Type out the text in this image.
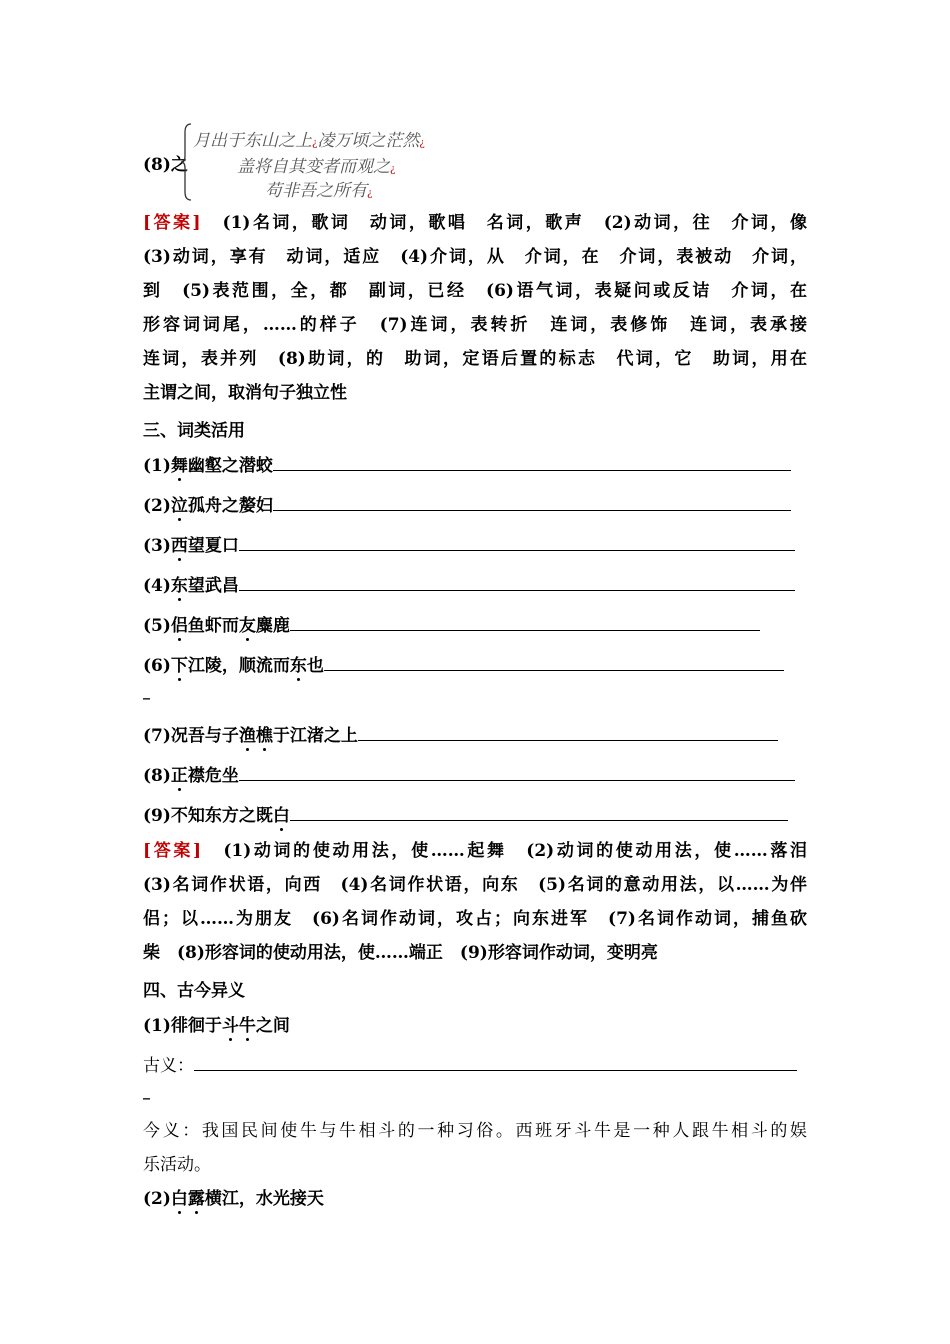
(8)之
月出于东山之上¿凌万顷之茫然¿
盖将自其变者而观之¿
苟非吾之所有¿
[答案]　 (1)名词，歌词　动词，歌唱　名词，歌声　(2)动词，往　介词，像
(3)动词，享有　动词，适应　(4)介词，从　介词，在　介词，表被动　介词，
到　(5)表范围，全，都　副词，已经　(6)语气词，表疑问或反诘　介词，在
形容词词尾，……的样子　(7)连词，表转折　连词，表修饰　连词，表承接
连词，表并列　(8)助词，的　助词，定语后置的标志　代词，它　助词，用在
主谓之间，取消句子独立性
三、词类活用
(1)舞幽壑之潜蛟
(2)泣孤舟之嫠妇
(3)西望夏口
(4)东望武昌
(5)侣鱼虾而友麋鹿
(6)下江陵，顺流而东也
_
(7)况吾与子渔樵于江渚之上
(8)正襟危坐
(9)不知东方之既白
[答案]　 (1)动词的使动用法，使……起舞　(2)动词的使动用法，使……落泪
(3)名词作状语，向西　(4)名词作状语，向东　(5)名词的意动用法，以……为伴
侣；以……为朋友　(6)名词作动词，攻占；向东进军　(7)名词作动词，捕鱼砍
柴　(8)形容词的使动用法，使……端正　(9)形容词作动词，变明亮
四、古今异义
(1)徘徊于斗牛之间
古义：
_
今义：我国民间使牛与牛相斗的一种习俗。西班牙斗牛是一种人跟牛相斗的娱
乐活动。
(2)白露横江，水光接天
